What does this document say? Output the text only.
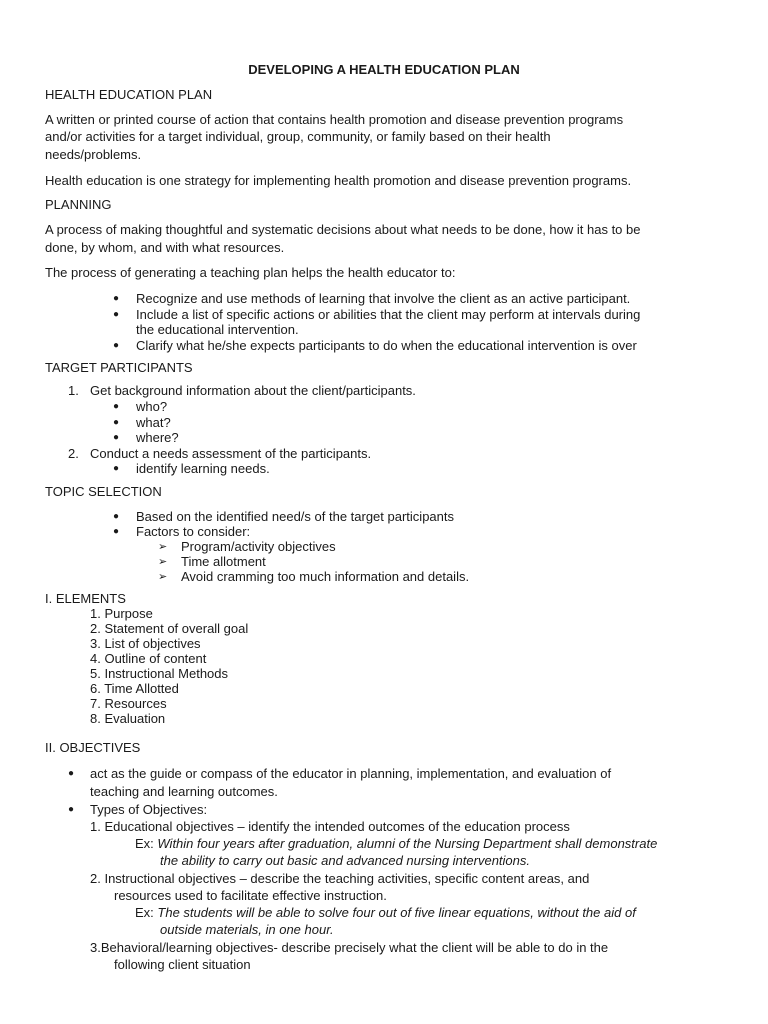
DEVELOPING A HEALTH EDUCATION PLAN
HEALTH EDUCATION PLAN
A written or printed course of action that contains health promotion and disease prevention programs
and/or activities for a target individual, group, community, or family based on their health
needs/problems.
Health education is one strategy for implementing health promotion and disease prevention programs.
PLANNING
A process of making thoughtful and systematic decisions about what needs to be done, how it has to be
done, by whom, and with what resources.
The process of generating a teaching plan helps the health educator to:
● Recognize and use methods of learning that involve the client as an active participant.
● Include a list of specific actions or abilities that the client may perform at intervals during
the educational intervention.
● Clarify what he/she expects participants to do when the educational intervention is over
TARGET PARTICIPANTS
1. Get background information about the client/participants.
● who?
● what?
● where?
2. Conduct a needs assessment of the participants.
● identify learning needs.
TOPIC SELECTION
● Based on the identified need/s of the target participants
● Factors to consider:
➢ Program/activity objectives
➢ Time allotment
➢ Avoid cramming too much information and details.
I. ELEMENTS
1. Purpose
2. Statement of overall goal
3. List of objectives
4. Outline of content
5. Instructional Methods
6. Time Allotted
7. Resources
8. Evaluation
II. OBJECTIVES
● act as the guide or compass of the educator in planning, implementation, and evaluation of
teaching and learning outcomes.
● Types of Objectives:
1. Educational objectives – identify the intended outcomes of the education process
Ex: Within four years after graduation, alumni of the Nursing Department shall demonstrate
the ability to carry out basic and advanced nursing interventions.
2. Instructional objectives – describe the teaching activities, specific content areas, and
resources used to facilitate effective instruction.
Ex: The students will be able to solve four out of five linear equations, without the aid of
outside materials, in one hour.
3.Behavioral/learning objectives- describe precisely what the client will be able to do in the
following client situation
